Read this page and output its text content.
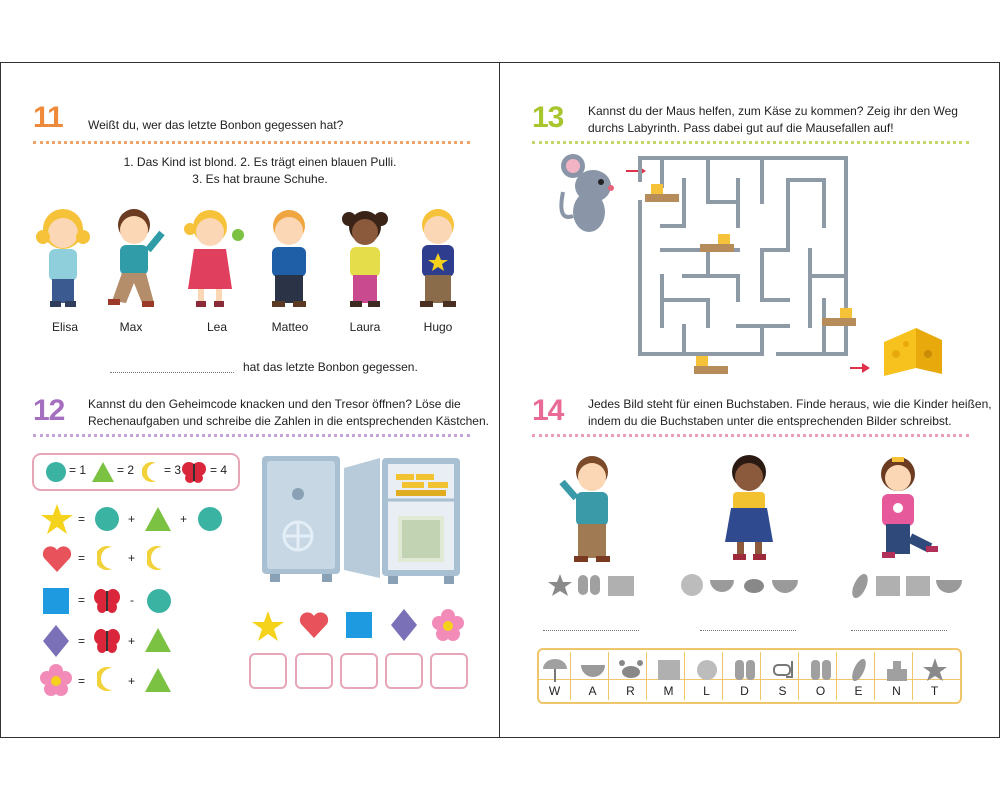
11 Weißt du, wer das letzte Bonbon gegessen hat?
1. Das Kind ist blond. 2. Es trägt einen blauen Pulli.
3. Es hat braune Schuhe.
Elisa	Max	Lea	Matteo	Laura	Hugo
hat das letzte Bonbon gegessen.
12 Kannst du den Geheimcode knacken und den Tresor öffnen? Löse die
Rechenaufgaben und schreibe die Zahlen in die entsprechenden Kästchen.
= 1	= 2 = 3 = 4
=	+	+
=	+
=	-
=	+
=	+
13 Kannst du der Maus helfen, zum Käse zu kommen? Zeig ihr den Weg
durchs Labyrinth. Pass dabei gut auf die Mausefallen auf!
14 Jedes Bild steht für einen Buchstaben. Finde heraus, wie die Kinder heißen,
indem du die Buchstaben unter die entsprechenden Bilder schreibst.
W	A	R	M	L	D	S	O	E	N	T
